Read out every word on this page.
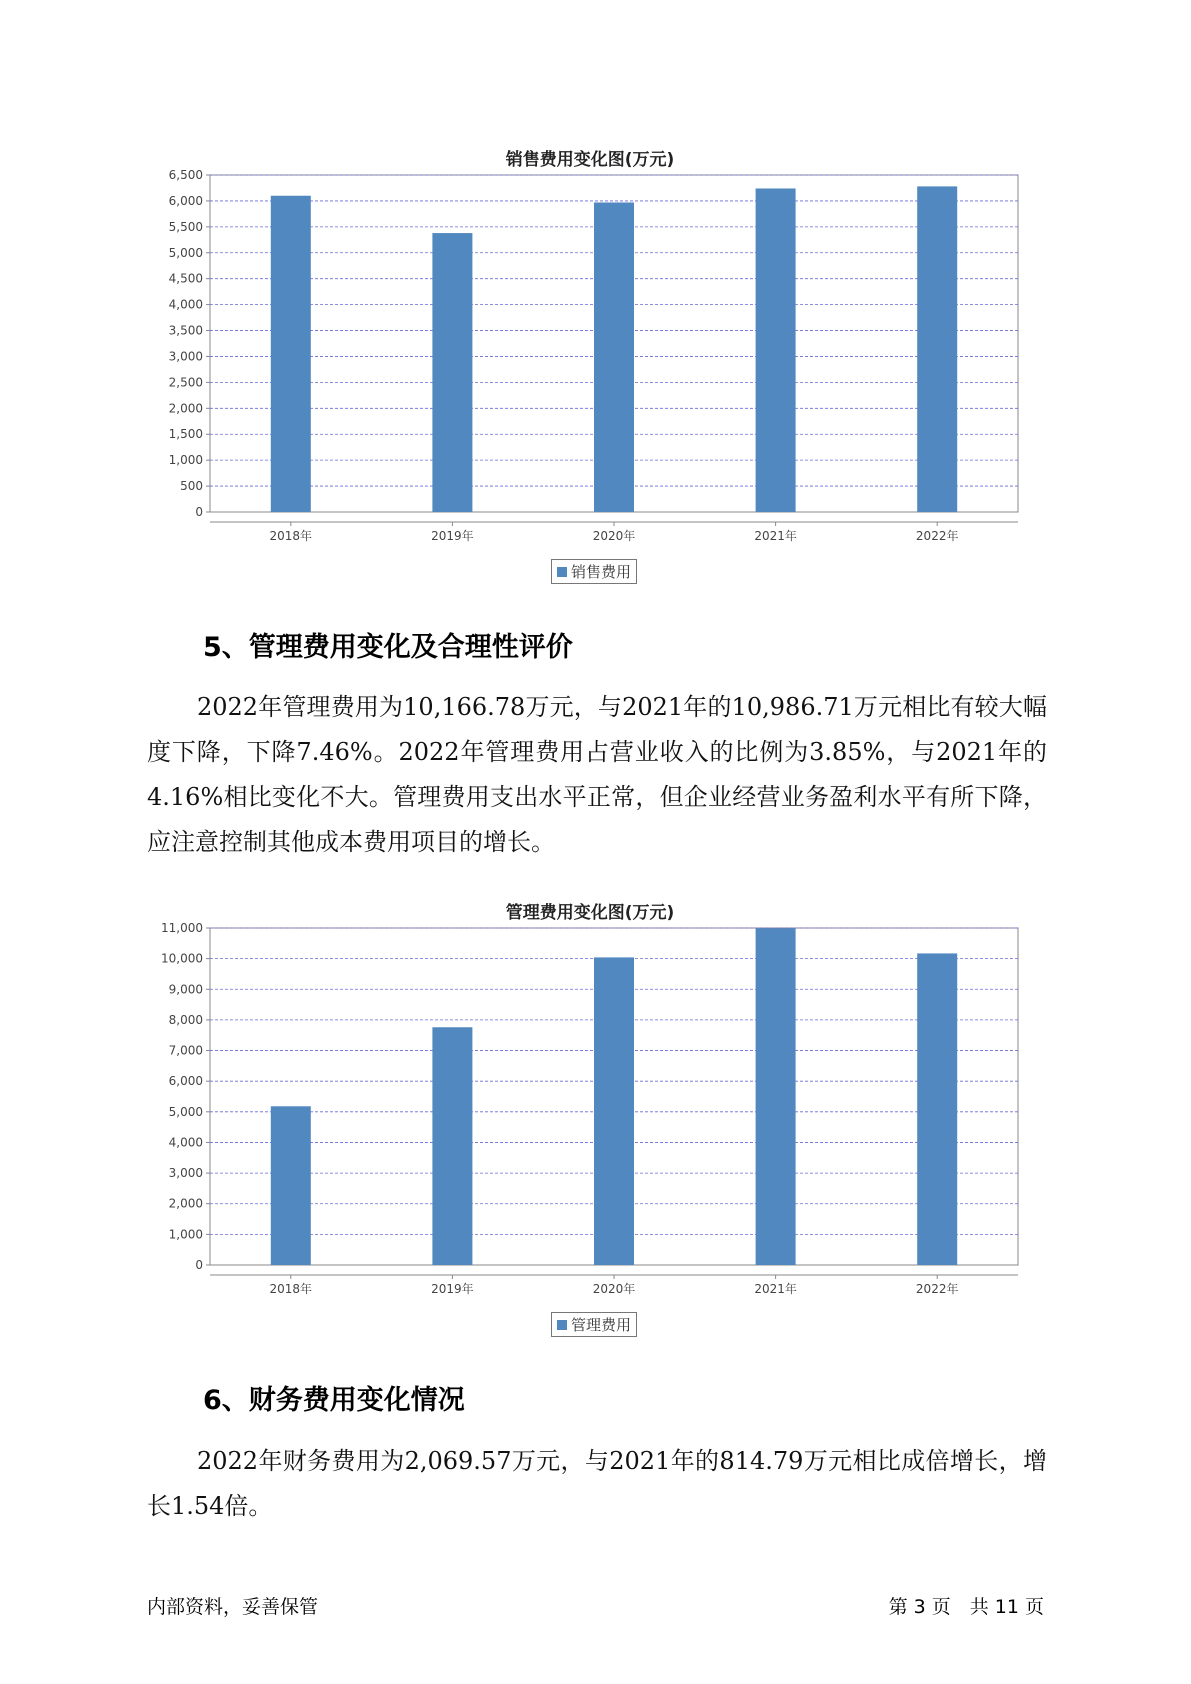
销售费用变化图(万元)
0
500
1,000
1,500
2,000
2,500
3,000
3,500
4,000
4,500
5,000
5,500
6,000
6,500
2018年	2019年	2020年	2021年	2022年
销售费用
5、管理费用变化及合理性评价
2022年管理费用为10,166.78万元，与2021年的10,986.71万元相比有较大幅度下降，下降7.46%。2022年管理费用占营业收入的比例为3.85%，与2021年的4.16%相比变化不大。管理费用支出水平正常，但企业经营业务盈利水平有所下降，应注意控制其他成本费用项目的增长。
管理费用变化图(万元)
0
1,000
2,000
3,000
4,000
5,000
6,000
7,000
8,000
9,000
10,000
11,000
2018年	2019年	2020年	2021年	2022年
管理费用
6、财务费用变化情况
2022年财务费用为2,069.57万元，与2021年的814.79万元相比成倍增长，增长1.54倍。
内部资料，妥善保管	第 3 页　共 11 页
